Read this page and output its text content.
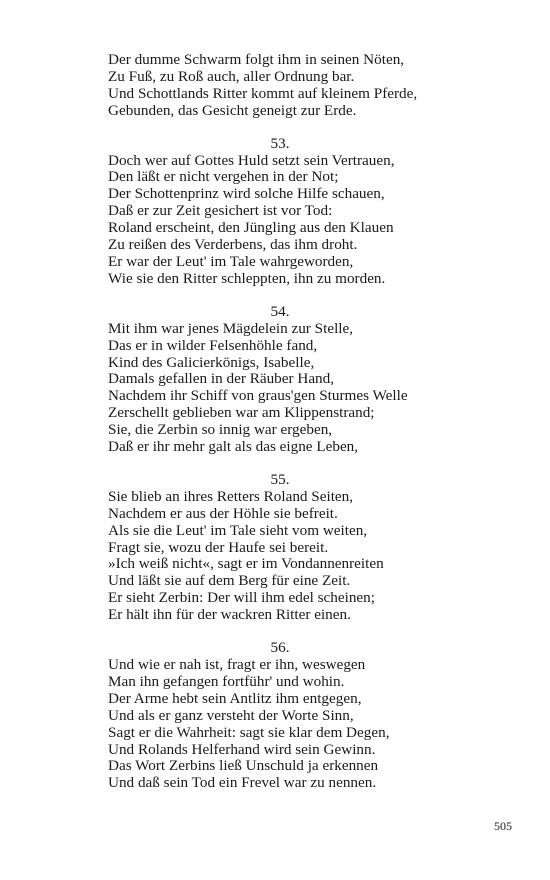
Der dumme Schwarm folgt ihm in seinen Nöten,
Zu Fuß, zu Roß auch, aller Ordnung bar.
Und Schottlands Ritter kommt auf kleinem Pferde,
Gebunden, das Gesicht geneigt zur Erde.
53.
Doch wer auf Gottes Huld setzt sein Vertrauen,
Den läßt er nicht vergehen in der Not;
Der Schottenprinz wird solche Hilfe schauen,
Daß er zur Zeit gesichert ist vor Tod:
Roland erscheint, den Jüngling aus den Klauen
Zu reißen des Verderbens, das ihm droht.
Er war der Leut' im Tale wahrgeworden,
Wie sie den Ritter schleppten, ihn zu morden.
54.
Mit ihm war jenes Mägdelein zur Stelle,
Das er in wilder Felsenhöhle fand,
Kind des Galicierkönigs, Isabelle,
Damals gefallen in der Räuber Hand,
Nachdem ihr Schiff von graus'gen Sturmes Welle
Zerschellt geblieben war am Klippenstrand;
Sie, die Zerbin so innig war ergeben,
Daß er ihr mehr galt als das eigne Leben,
55.
Sie blieb an ihres Retters Roland Seiten,
Nachdem er aus der Höhle sie befreit.
Als sie die Leut' im Tale sieht vom weiten,
Fragt sie, wozu der Haufe sei bereit.
»Ich weiß nicht«, sagt er im Vondannenreiten
Und läßt sie auf dem Berg für eine Zeit.
Er sieht Zerbin: Der will ihm edel scheinen;
Er hält ihn für der wackren Ritter einen.
56.
Und wie er nah ist, fragt er ihn, weswegen
Man ihn gefangen fortführ' und wohin.
Der Arme hebt sein Antlitz ihm entgegen,
Und als er ganz versteht der Worte Sinn,
Sagt er die Wahrheit: sagt sie klar dem Degen,
Und Rolands Helferhand wird sein Gewinn.
Das Wort Zerbins ließ Unschuld ja erkennen
Und daß sein Tod ein Frevel war zu nennen.
505
